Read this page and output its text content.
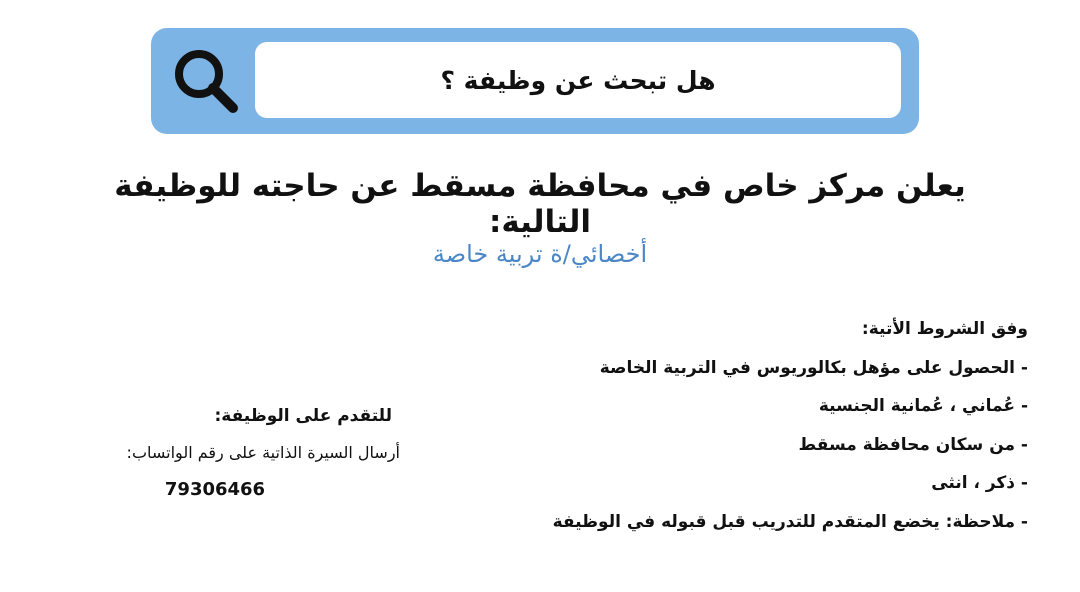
هل تبحث عن وظيفة ؟
يعلن مركز خاص في محافظة مسقط عن حاجته للوظيفة التالية:
أخصائي/ة تربية خاصة
وفق الشروط الأتية:
- الحصول على مؤهل بكالوريوس في التربية الخاصة
- عُماني ، عُمانية الجنسية
- من سكان محافظة مسقط
- ذكر ، انثى
- ملاحظة: يخضع المتقدم للتدريب قبل قبوله في الوظيفة
للتقدم على الوظيفة:
أرسال السيرة الذاتية على رقم الواتساب:
79306466
